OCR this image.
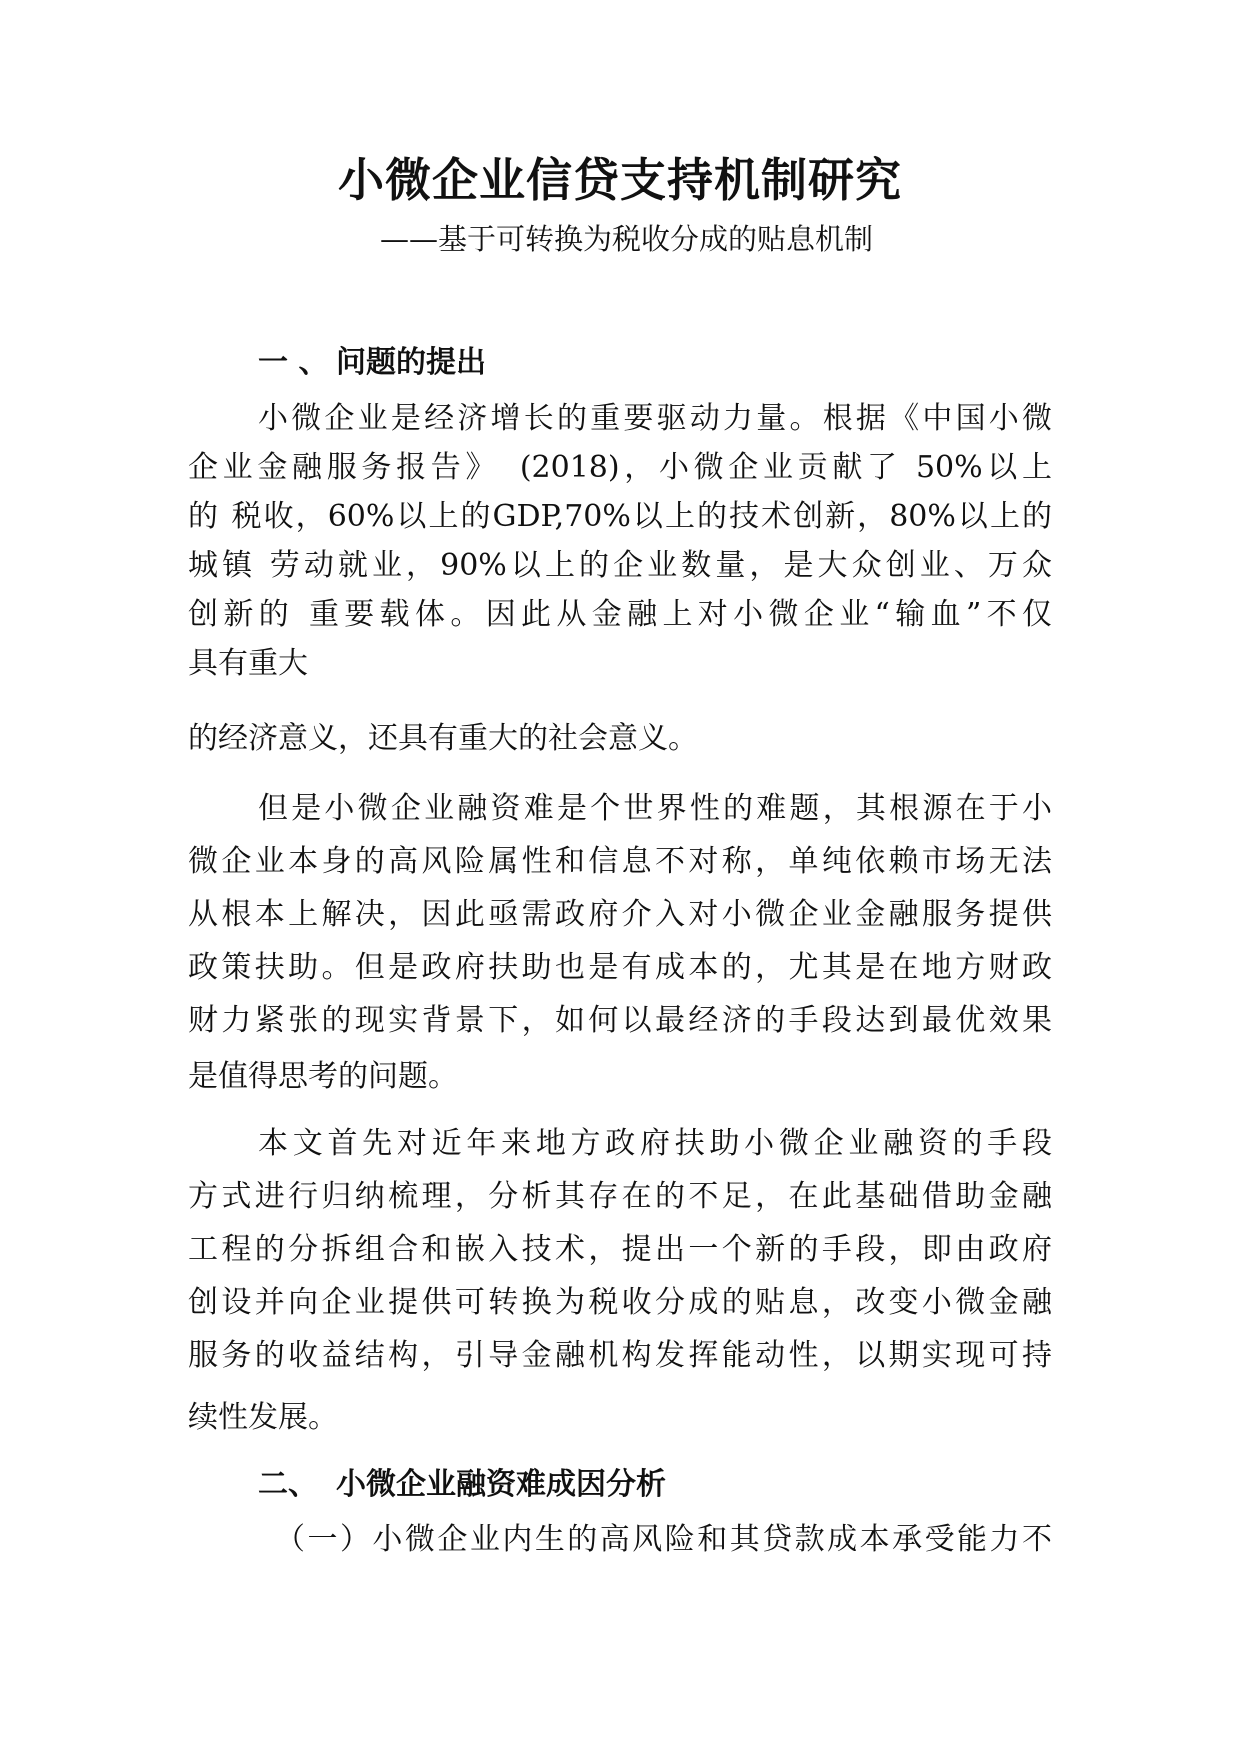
小微企业信贷支持机制研究
——基于可转换为税收分成的贴息机制
一 、 问题的提出
小微企业是经济增长的重要驱动力量。根据《中国小微
企业金融服务报告》　(2018)，小微企业贡献了 50%以上
的 税收，60%以上的GDP,70%以上的技术创新，80%以上的
城镇 劳动就业，90%以上的企业数量，是大众创业、万众
创新的 重要载体。因此从金融上对小微企业“输血”不仅
具有重大
的经济意义，还具有重大的社会意义。
但是小微企业融资难是个世界性的难题，其根源在于小
微企业本身的高风险属性和信息不对称，单纯依赖市场无法
从根本上解决，因此亟需政府介入对小微企业金融服务提供
政策扶助。但是政府扶助也是有成本的，尤其是在地方财政
财力紧张的现实背景下，如何以最经济的手段达到最优效果
是值得思考的问题。
本文首先对近年来地方政府扶助小微企业融资的手段
方式进行归纳梳理，分析其存在的不足，在此基础借助金融
工程的分拆组合和嵌入技术，提出一个新的手段，即由政府
创设并向企业提供可转换为税收分成的贴息，改变小微金融
服务的收益结构，引导金融机构发挥能动性，以期实现可持
续性发展。
二、 小微企业融资难成因分析
（一）小微企业内生的高风险和其贷款成本承受能力不
